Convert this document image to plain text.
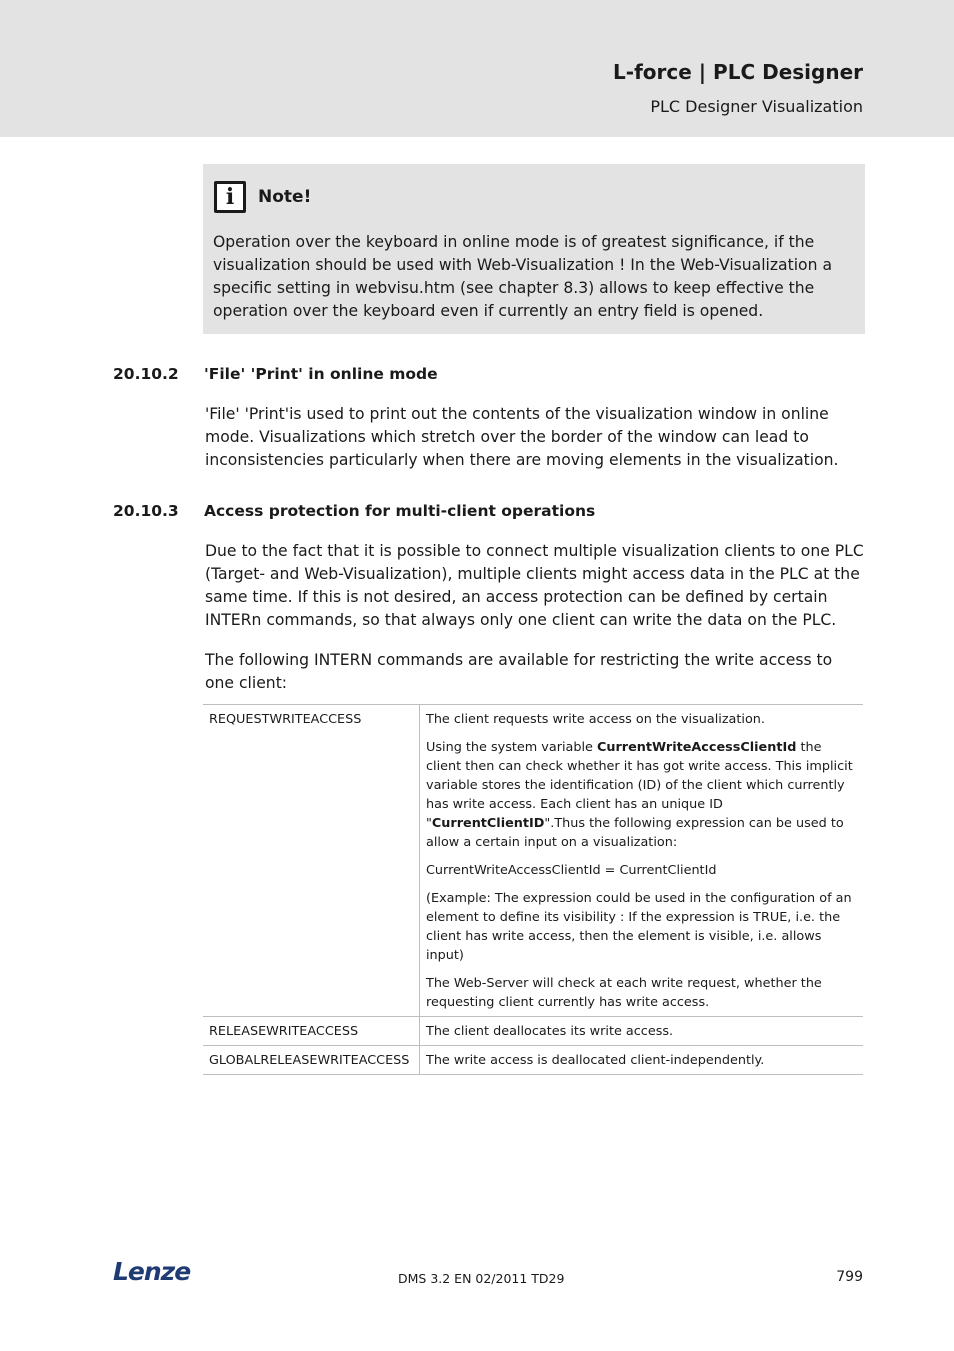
L-force | PLC Designer
PLC Designer Visualization
i	Note!

Operation over the keyboard in online mode is of greatest significance, if the visualization should be used with Web-Visualization ! In the Web-Visualization a specific setting in webvisu.htm (see chapter 8.3) allows to keep effective the operation over the keyboard even if currently an entry field is opened.

20.10.2 'File' 'Print' in online mode

'File' 'Print'is used to print out the contents of the visualization window in online mode. Visualizations which stretch over the border of the window can lead to inconsistencies particularly when there are moving elements in the visualization.

20.10.3 Access protection for multi-client operations

Due to the fact that it is possible to connect multiple visualization clients to one PLC (Target- and Web-Visualization), multiple clients might access data in the PLC at the same time. If this is not desired, an access protection can be defined by certain INTERn commands, so that always only one client can write the data on the PLC.

The following INTERN commands are available for restricting the write access to one client:

REQUESTWRITEACCESS	The client requests write access on the visualization.

Using the system variable CurrentWriteAccessClientId the client then can check whether it has got write access. This implicit variable stores the identification (ID) of the client which currently has write access. Each client has an unique ID "CurrentClientID".Thus the following expression can be used to allow a certain input on a visualization:

CurrentWriteAccessClientId = CurrentClientId

(Example: The expression could be used in the configuration of an element to define its visibility : If the expression is TRUE, i.e. the client has write access, then the element is visible, i.e. allows input)

The Web-Server will check at each write request, whether the requesting client currently has write access.

RELEASEWRITEACCESS	The client deallocates its write access.
GLOBALRELEASEWRITEACCESS	The write access is deallocated client-independently.
Lenze	DMS 3.2 EN 02/2011 TD29	799
